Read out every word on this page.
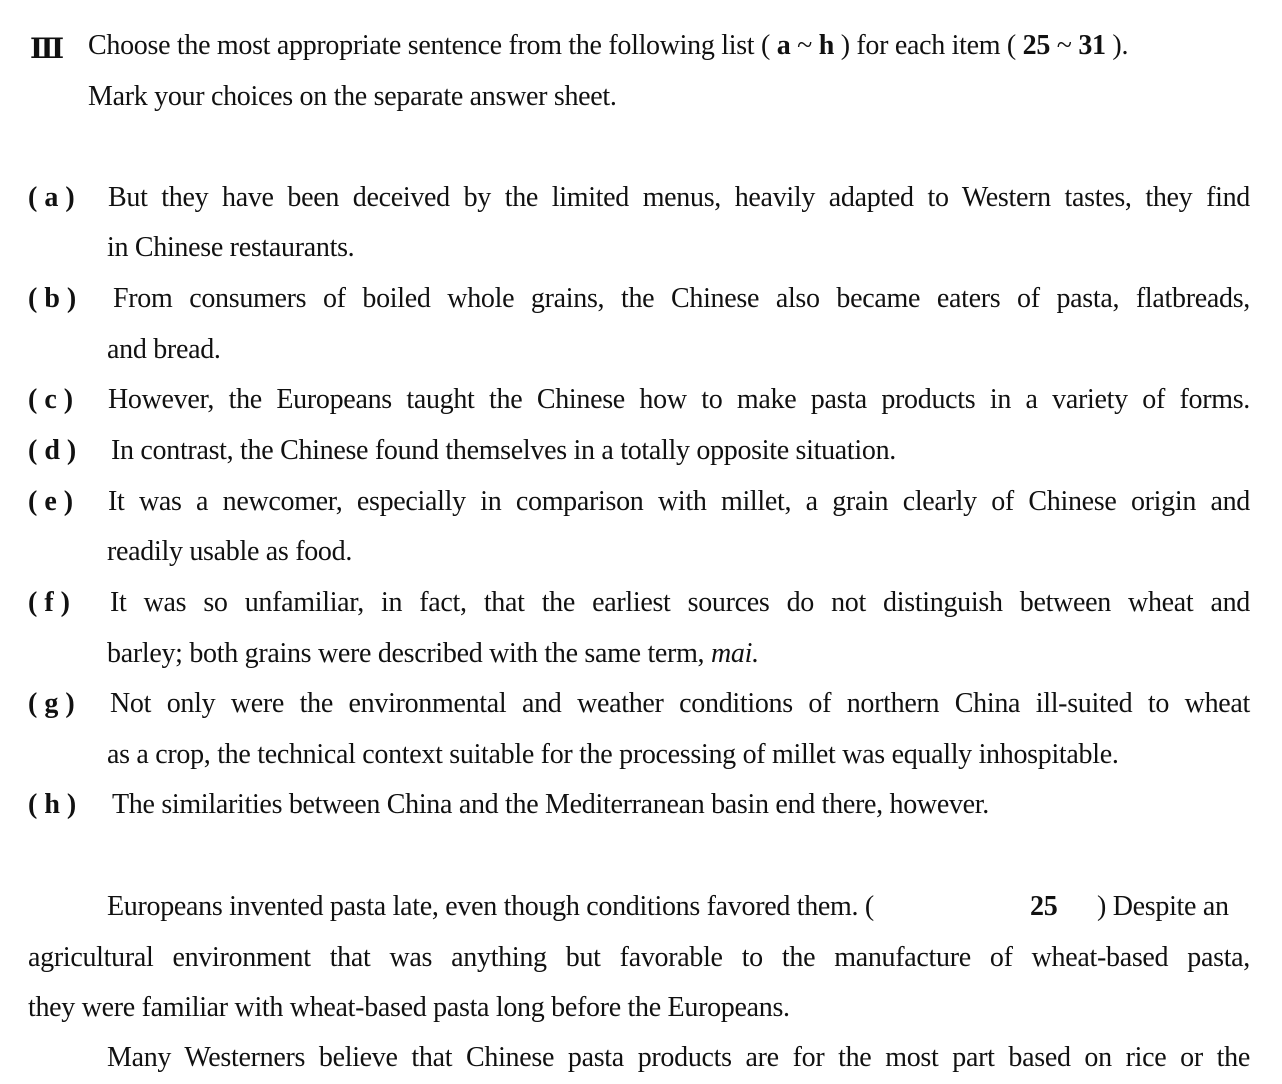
Ⅲ Choose the most appropriate sentence from the following list ( a ~ h ) for each item ( 25 ~ 31 ).
Mark your choices on the separate answer sheet.
( a ) But they have been deceived by the limited menus, heavily adapted to Western tastes, they find
in Chinese restaurants.
( b ) From consumers of boiled whole grains, the Chinese also became eaters of pasta, flatbreads,
and bread.
( c ) However, the Europeans taught the Chinese how to make pasta products in a variety of forms.
( d ) In contrast, the Chinese found themselves in a totally opposite situation.
( e ) It was a newcomer, especially in comparison with millet, a grain clearly of Chinese origin and
readily usable as food.
( f ) It was so unfamiliar, in fact, that the earliest sources do not distinguish between wheat and
barley; both grains were described with the same term, mai.
( g ) Not only were the environmental and weather conditions of northern China ill-suited to wheat
as a crop, the technical context suitable for the processing of millet was equally inhospitable.
( h ) The similarities between China and the Mediterranean basin end there, however.
Europeans invented pasta late, even though conditions favored them. (	25 ) Despite an
agricultural environment that was anything but favorable to the manufacture of wheat-based pasta,
they were familiar with wheat-based pasta long before the Europeans.
Many Westerners believe that Chinese pasta products are for the most part based on rice or the
